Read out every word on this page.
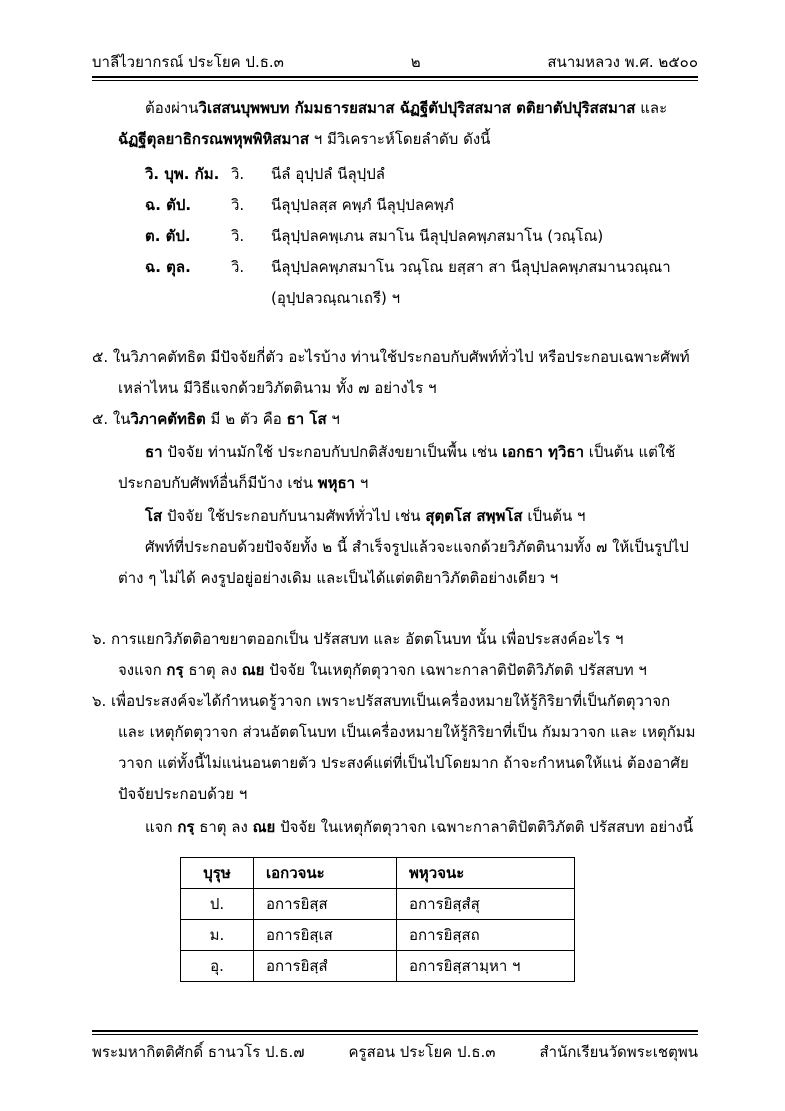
บาลีไวยากรณ์ ประโยค ป.ธ.๓	๒	สนามหลวง พ.ศ. ๒๕๐๐
ต้องผ่านวิเสสนบุพพบท กัมมธารยสมาส ฉัฏฐีตัปปุริสสมาส ตติยาตัปปุริสสมาส และ
ฉัฏฐีตุลยาธิกรณพหุพพิหิสมาส ฯ มีวิเคราะห์โดยลำดับ ดังนี้
วิ. บุพ. กัม. วิ.	นีลํ อุปฺปลํ นีลุปฺปลํ
ฉ. ตัป.	วิ.	นีลุปฺปลสฺส คพฺภํ นีลุปฺปลคพฺภํ
ต. ตัป.	วิ.	นีลุปฺปลคพฺเภน สมาโน นีลุปฺปลคพฺภสมาโน (วณฺโณ)
ฉ. ตุล.	วิ.	นีลุปฺปลคพฺภสมาโน วณฺโณ ยสฺสา สา นีลุปฺปลคพฺภสมานวณฺณา
(อุปฺปลวณฺณาเถรี) ฯ
๕. ในวิภาคตัทธิต มีปัจจัยกี่ตัว อะไรบ้าง ท่านใช้ประกอบกับศัพท์ทั่วไป หรือประกอบเฉพาะศัพท์
เหล่าไหน มีวิธีแจกด้วยวิภัตตินาม ทั้ง ๗ อย่างไร ฯ
๕. ในวิภาคตัทธิต มี ๒ ตัว คือ ธา โส ฯ
ธา ปัจจัย ท่านมักใช้ ประกอบกับปกติสังขยาเป็นพื้น เช่น เอกธา ทฺวิธา เป็นต้น แต่ใช้
ประกอบกับศัพท์อื่นก็มีบ้าง เช่น พหุธา ฯ
โส ปัจจัย ใช้ประกอบกับนามศัพท์ทั่วไป เช่น สุตฺตโส สพฺพโส เป็นต้น ฯ
ศัพท์ที่ประกอบด้วยปัจจัยทั้ง ๒ นี้ สำเร็จรูปแล้วจะแจกด้วยวิภัตตินามทั้ง ๗ ให้เป็นรูปไป
ต่าง ๆ ไม่ได้ คงรูปอยู่อย่างเดิม และเป็นได้แต่ตติยาวิภัตติอย่างเดียว ฯ
๖. การแยกวิภัตติอาขยาตออกเป็น ปรัสสบท และ อัตตโนบท นั้น เพื่อประสงค์อะไร ฯ
จงแจก กรฺ ธาตุ ลง ณย ปัจจัย ในเหตุกัตตุวาจก เฉพาะกาลาติปัตติวิภัตติ ปรัสสบท ฯ
๖. เพื่อประสงค์จะได้กำหนดรู้วาจก เพราะปรัสสบทเป็นเครื่องหมายให้รู้กิริยาที่เป็นกัตตุวาจก
และ เหตุกัตตุวาจก ส่วนอัตตโนบท เป็นเครื่องหมายให้รู้กิริยาที่เป็น กัมมวาจก และ เหตุกัมม
วาจก แต่ทั้งนี้ไม่แน่นอนตายตัว ประสงค์แต่ที่เป็นไปโดยมาก ถ้าจะกำหนดให้แน่ ต้องอาศัย
ปัจจัยประกอบด้วย ฯ
แจก กรฺ ธาตุ ลง ณย ปัจจัย ในเหตุกัตตุวาจก เฉพาะกาลาติปัตติวิภัตติ ปรัสสบท อย่างนี้
บุรุษ	เอกวจนะ	พหุวจนะ
ป.	อการยิสฺส	อการยิสฺสํสุ
ม.	อการยิสฺเส	อการยิสฺสถ
อุ.	อการยิสฺสํ	อการยิสฺสามฺหา ฯ
พระมหากิตติศักดิ์ ธานวโร ป.ธ.๗	ครูสอน ประโยค ป.ธ.๓	สำนักเรียนวัดพระเชตุพน
